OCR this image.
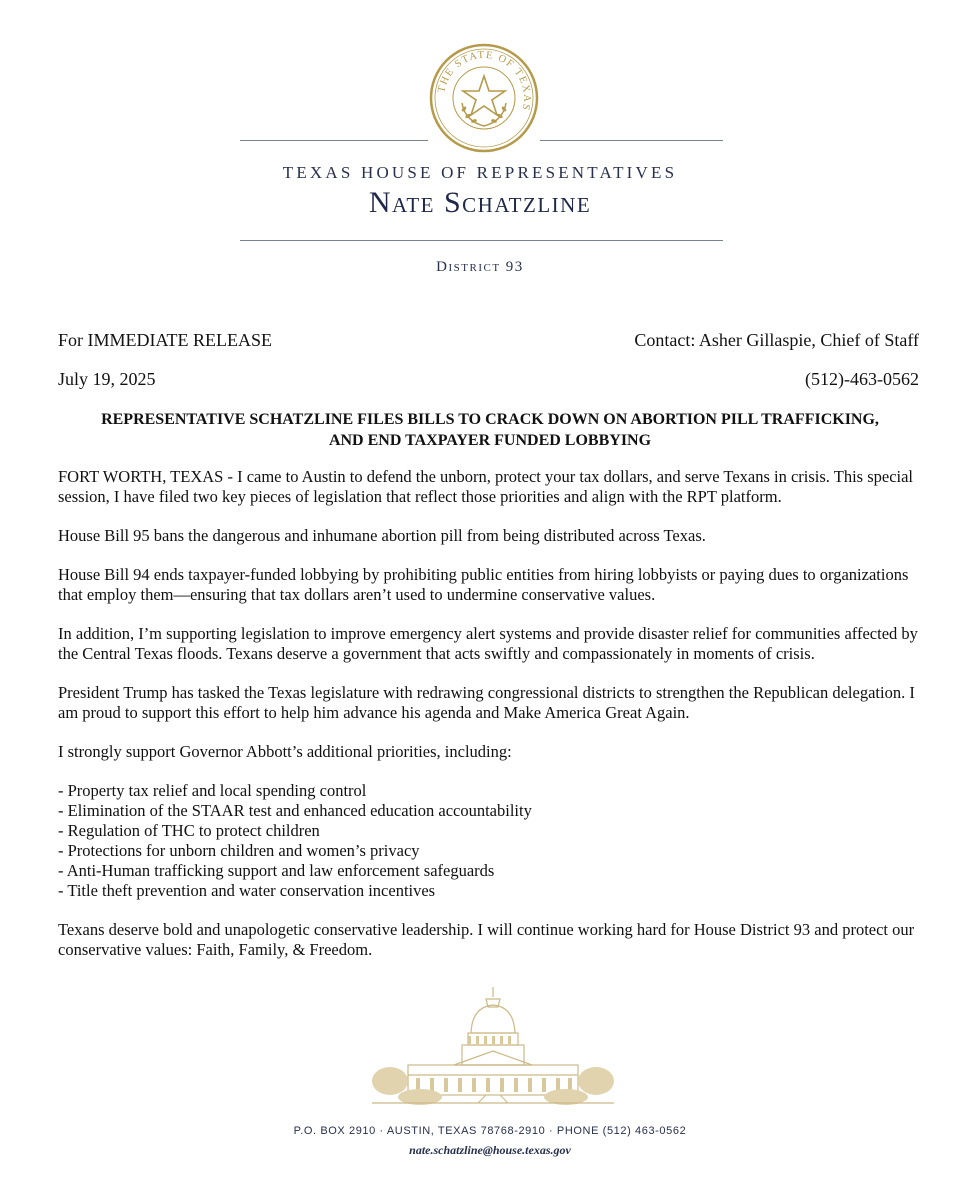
THE STATE OF TEXAS
TEXAS HOUSE OF REPRESENTATIVES
Nate Schatzline
District 93
For IMMEDIATE RELEASE	Contact: Asher Gillaspie, Chief of Staff
July 19, 2025	(512)-463-0562
REPRESENTATIVE SCHATZLINE FILES BILLS TO CRACK DOWN ON ABORTION PILL TRAFFICKING,
AND END TAXPAYER FUNDED LOBBYING

FORT WORTH, TEXAS - I came to Austin to defend the unborn, protect your tax dollars, and serve Texans in crisis. This special session, I have filed two key pieces of legislation that reflect those priorities and align with the RPT platform.

House Bill 95 bans the dangerous and inhumane abortion pill from being distributed across Texas.

House Bill 94 ends taxpayer-funded lobbying by prohibiting public entities from hiring lobbyists or paying dues to organizations that employ them—ensuring that tax dollars aren’t used to undermine conservative values.

In addition, I’m supporting legislation to improve emergency alert systems and provide disaster relief for communities affected by the Central Texas floods. Texans deserve a government that acts swiftly and compassionately in moments of crisis.

President Trump has tasked the Texas legislature with redrawing congressional districts to strengthen the Republican delegation. I am proud to support this effort to help him advance his agenda and Make America Great Again.

I strongly support Governor Abbott’s additional priorities, including:

- Property tax relief and local spending control
- Elimination of the STAAR test and enhanced education accountability
- Regulation of THC to protect children
- Protections for unborn children and women’s privacy
- Anti-Human trafficking support and law enforcement safeguards
- Title theft prevention and water conservation incentives

Texans deserve bold and unapologetic conservative leadership. I will continue working hard for House District 93 and protect our conservative values: Faith, Family, & Freedom.

P.O. BOX 2910 · AUSTIN, TEXAS 78768-2910 · PHONE (512) 463-0562
nate.schatzline@house.texas.gov
